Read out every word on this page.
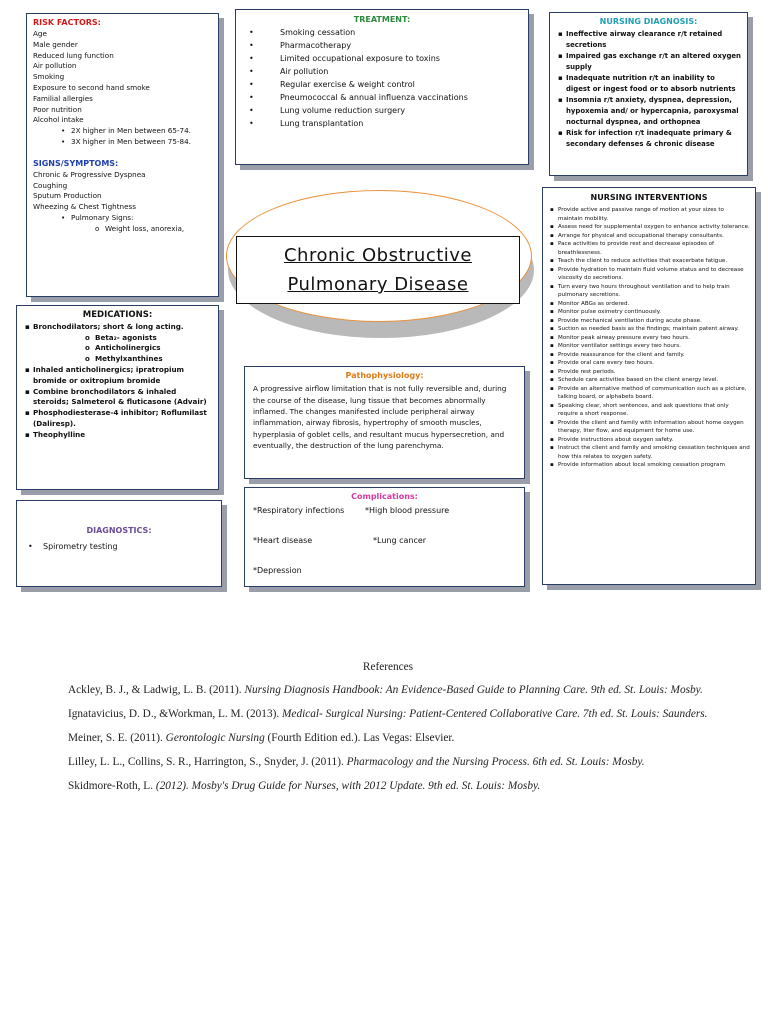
RISK FACTORS:
Age
Male gender
Reduced lung function
Air pollution
Smoking
Exposure to second hand smoke
Familial allergies
Poor nutrition
Alcohol intake
• 2X higher in Men between 65-74.
• 3X higher in Men between 75-84.
SIGNS/SYMPTOMS:
Chronic & Progressive Dyspnea
Coughing
Sputum Production
Wheezing & Chest Tightness
• Pulmonary Signs:
o Weight loss, anorexia,
MEDICATIONS:
▪ Bronchodilators; short & long acting.
o Beta₂- agonists
o Anticholinergics
o Methylxanthines
▪ Inhaled anticholinergics; ipratropium bromide or oxitropium bromide
▪ Combine bronchodilators & inhaled steroids; Salmeterol & fluticasone (Advair)
▪ Phosphodiesterase-4 inhibitor; Roflumilast (Daliresp).
▪ Theophylline
DIAGNOSTICS:
• Spirometry testing
TREATMENT:
• Smoking cessation
• Pharmacotherapy
• Limited occupational exposure to toxins
• Air pollution
• Regular exercise & weight control
• Pneumococcal & annual influenza vaccinations
• Lung volume reduction surgery
• Lung transplantation
Chronic Obstructive
Pulmonary Disease
Pathophysiology:
A progressive airflow limitation that is not fully reversible and, during the course of the disease, lung tissue that becomes abnormally inflamed. The changes manifested include peripheral airway inflammation, airway fibrosis, hypertrophy of smooth muscles, hyperplasia of goblet cells, and resultant mucus hypersecretion, and eventually, the destruction of the lung parenchyma.
Complications:
*Respiratory infections	*High blood pressure
*Heart disease	*Lung cancer
*Depression
NURSING DIAGNOSIS:
▪ Ineffective airway clearance r/t retained secretions
▪ Impaired gas exchange r/t an altered oxygen supply
▪ Inadequate nutrition r/t an inability to digest or ingest food or to absorb nutrients
▪ Insomnia r/t anxiety, dyspnea, depression, hypoxemia and/ or hypercapnia, paroxysmal nocturnal dyspnea, and orthopnea
▪ Risk for infection r/t inadequate primary & secondary defenses & chronic disease
NURSING INTERVENTIONS
▪ Provide active and passive range of motion at your sizes to maintain mobility.
▪ Assess need for supplemental oxygen to enhance activity tolerance.
▪ Arrange for physical and occupational therapy consultants.
▪ Pace activities to provide rest and decrease episodes of breathlessness.
▪ Teach the client to reduce activities that exacerbate fatigue.
▪ Provide hydration to maintain fluid volume status and to decrease viscosity do secretions.
▪ Turn every two hours throughout ventilation and to help train pulmonary secretions.
▪ Monitor ABGs as ordered.
▪ Monitor pulse oximetry continuously.
▪ Provide mechanical ventilation during acute phase.
▪ Suction as needed basis as the findings; maintain patent airway.
▪ Monitor peak airway pressure every two hours.
▪ Monitor ventilator settings every two hours.
▪ Provide reassurance for the client and family.
▪ Provide oral care every two hours.
▪ Provide rest periods.
▪ Schedule care activities based on the client energy level.
▪ Provide an alternative method of communication such as a picture, talking board, or alphabets board.
▪ Speaking clear, short sentences, and ask questions that only require a short response.
▪ Provide the client and family with information about home oxygen therapy, liter flow, and equipment for home use.
▪ Provide instructions about oxygen safety.
▪ Instruct the client and family and smoking cessation techniques and how this relates to oxygen safety.
▪ Provide information about local smoking cessation program
References

Ackley, B. J., & Ladwig, L. B. (2011). Nursing Diagnosis Handbook: An Evidence-Based Guide to Planning Care. 9th ed. St. Louis: Mosby.

Ignatavicius, D. D., &Workman, L. M. (2013). Medical- Surgical Nursing: Patient-Centered Collaborative Care. 7th ed. St. Louis: Saunders.

Meiner, S. E. (2011). Gerontologic Nursing (Fourth Edition ed.). Las Vegas: Elsevier.

Lilley, L. L., Collins, S. R., Harrington, S., Snyder, J. (2011). Pharmacology and the Nursing Process. 6th ed. St. Louis: Mosby.

Skidmore-Roth, L. (2012). Mosby's Drug Guide for Nurses, with 2012 Update. 9th ed. St. Louis: Mosby.
